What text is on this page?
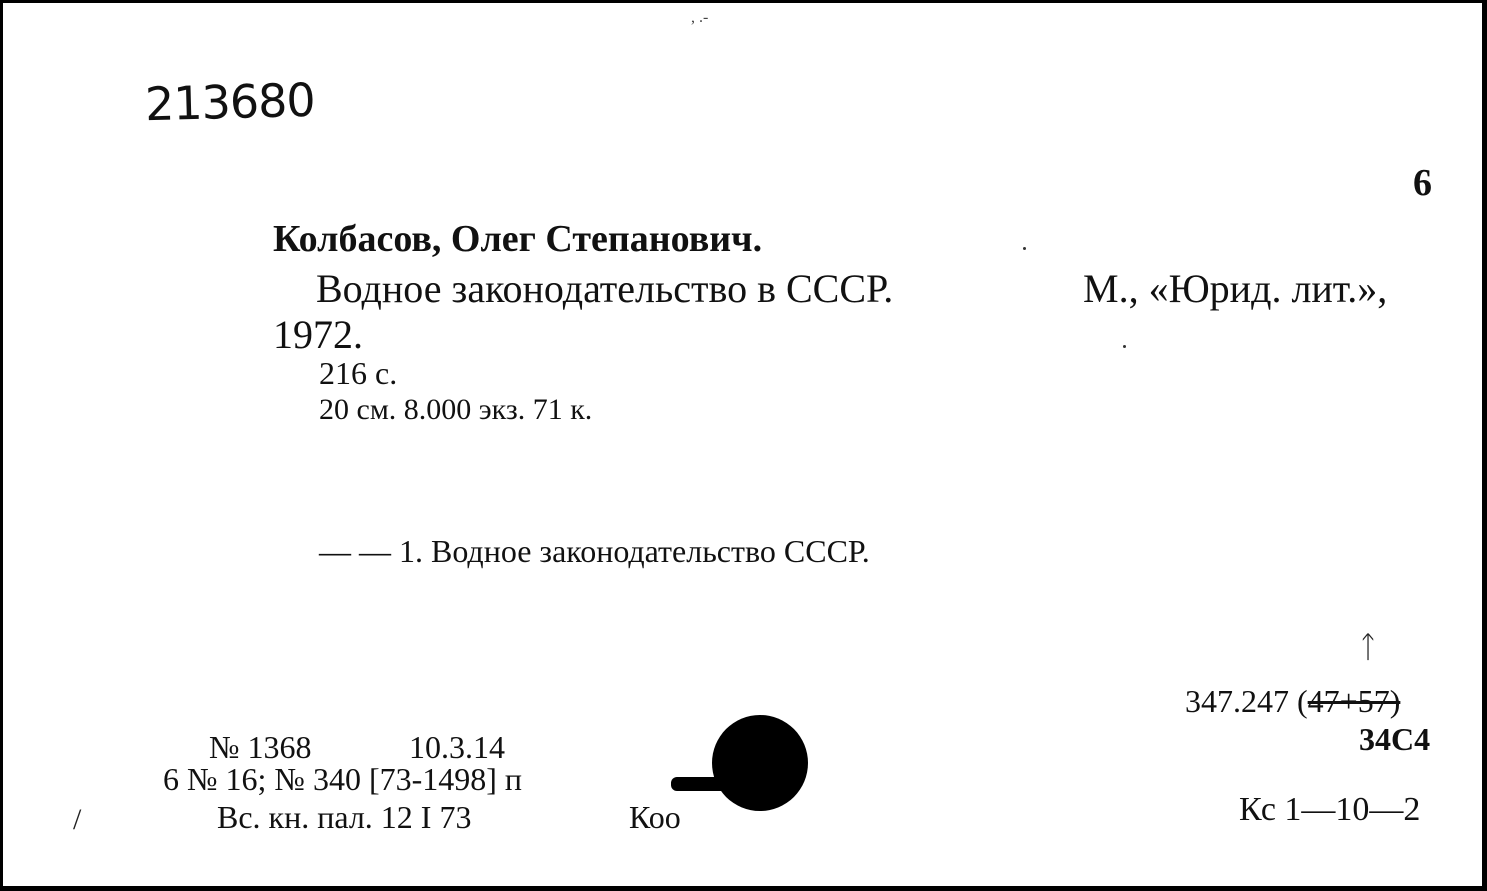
, .-
213680
6
Колбасов, Олег Степанович.
Водное законодательство в СССР.	М., «Юрид. лит.»,
1972.
216 с.
20 см. 8.000 экз. 71 к.
— — 1. Водное законодательство СССР.
ᛏ
347.247 (47+57)
34С4
Кс 1—10—2
№ 1368	10.3.14
6 № 16; № 340 [73-1498] п
Вс. кн. пал. 12 I 73	Коо
/
